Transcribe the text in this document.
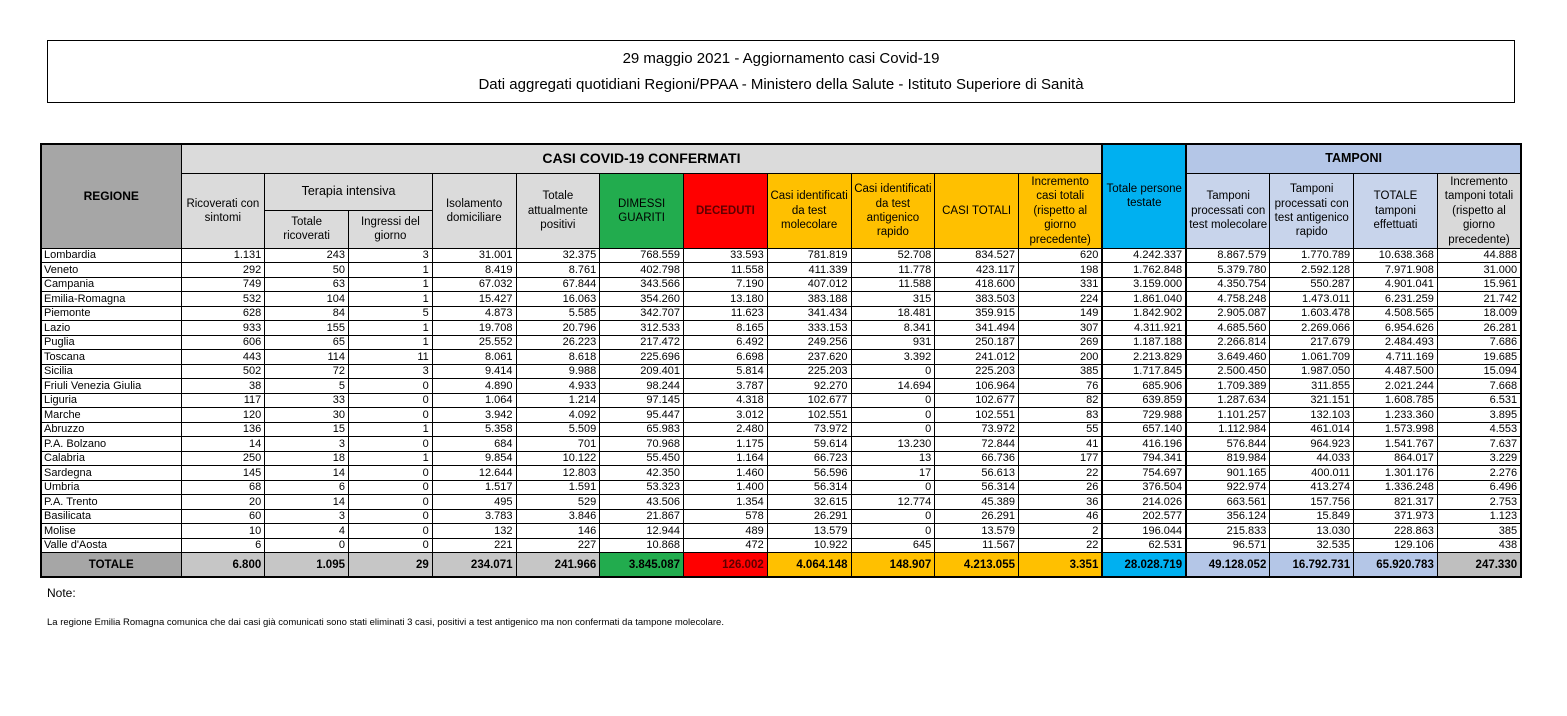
29 maggio 2021 - Aggiornamento casi Covid-19
Dati aggregati quotidiani Regioni/PPAA - Ministero della Salute - Istituto Superiore di Sanità
REGIONE	CASI COVID-19 CONFERMATI											Totale persone testate	TAMPONI			
	Ricoverati con sintomi	Terapia intensiva		Isolamento domiciliare	Totale attualmente positivi	DIMESSI GUARITI	DECEDUTI	Casi identificati da test molecolare	Casi identificati da test antigenico rapido	CASI TOTALI	Incremento casi totali (rispetto al giorno precedente)		Tamponi processati con test molecolare	Tamponi processati con test antigenico rapido	TOTALE tamponi effettuati	Incremento tamponi totali (rispetto al giorno precedente)
		Totale ricoverati	Ingressi del giorno													
Lombardia	1.131	243	3	31.001	32.375	768.559	33.593	781.819	52.708	834.527	620	4.242.337	8.867.579	1.770.789	10.638.368	44.888
Veneto	292	50	1	8.419	8.761	402.798	11.558	411.339	11.778	423.117	198	1.762.848	5.379.780	2.592.128	7.971.908	31.000
Campania	749	63	1	67.032	67.844	343.566	7.190	407.012	11.588	418.600	331	3.159.000	4.350.754	550.287	4.901.041	15.961
Emilia-Romagna	532	104	1	15.427	16.063	354.260	13.180	383.188	315	383.503	224	1.861.040	4.758.248	1.473.011	6.231.259	21.742
Piemonte	628	84	5	4.873	5.585	342.707	11.623	341.434	18.481	359.915	149	1.842.902	2.905.087	1.603.478	4.508.565	18.009
Lazio	933	155	1	19.708	20.796	312.533	8.165	333.153	8.341	341.494	307	4.311.921	4.685.560	2.269.066	6.954.626	26.281
Puglia	606	65	1	25.552	26.223	217.472	6.492	249.256	931	250.187	269	1.187.188	2.266.814	217.679	2.484.493	7.686
Toscana	443	114	11	8.061	8.618	225.696	6.698	237.620	3.392	241.012	200	2.213.829	3.649.460	1.061.709	4.711.169	19.685
Sicilia	502	72	3	9.414	9.988	209.401	5.814	225.203	0	225.203	385	1.717.845	2.500.450	1.987.050	4.487.500	15.094
Friuli Venezia Giulia	38	5	0	4.890	4.933	98.244	3.787	92.270	14.694	106.964	76	685.906	1.709.389	311.855	2.021.244	7.668
Liguria	117	33	0	1.064	1.214	97.145	4.318	102.677	0	102.677	82	639.859	1.287.634	321.151	1.608.785	6.531
Marche	120	30	0	3.942	4.092	95.447	3.012	102.551	0	102.551	83	729.988	1.101.257	132.103	1.233.360	3.895
Abruzzo	136	15	1	5.358	5.509	65.983	2.480	73.972	0	73.972	55	657.140	1.112.984	461.014	1.573.998	4.553
P.A. Bolzano	14	3	0	684	701	70.968	1.175	59.614	13.230	72.844	41	416.196	576.844	964.923	1.541.767	7.637
Calabria	250	18	1	9.854	10.122	55.450	1.164	66.723	13	66.736	177	794.341	819.984	44.033	864.017	3.229
Sardegna	145	14	0	12.644	12.803	42.350	1.460	56.596	17	56.613	22	754.697	901.165	400.011	1.301.176	2.276
Umbria	68	6	0	1.517	1.591	53.323	1.400	56.314	0	56.314	26	376.504	922.974	413.274	1.336.248	6.496
P.A. Trento	20	14	0	495	529	43.506	1.354	32.615	12.774	45.389	36	214.026	663.561	157.756	821.317	2.753
Basilicata	60	3	0	3.783	3.846	21.867	578	26.291	0	26.291	46	202.577	356.124	15.849	371.973	1.123
Molise	10	4	0	132	146	12.944	489	13.579	0	13.579	2	196.044	215.833	13.030	228.863	385
Valle d'Aosta	6	0	0	221	227	10.868	472	10.922	645	11.567	22	62.531	96.571	32.535	129.106	438
TOTALE	6.800	1.095	29	234.071	241.966	3.845.087	126.002	4.064.148	148.907	4.213.055	3.351	28.028.719	49.128.052	16.792.731	65.920.783	247.330
Note:
La regione Emilia Romagna comunica che dai casi già comunicati sono stati eliminati 3 casi, positivi a test antigenico ma non confermati da tampone molecolare.
